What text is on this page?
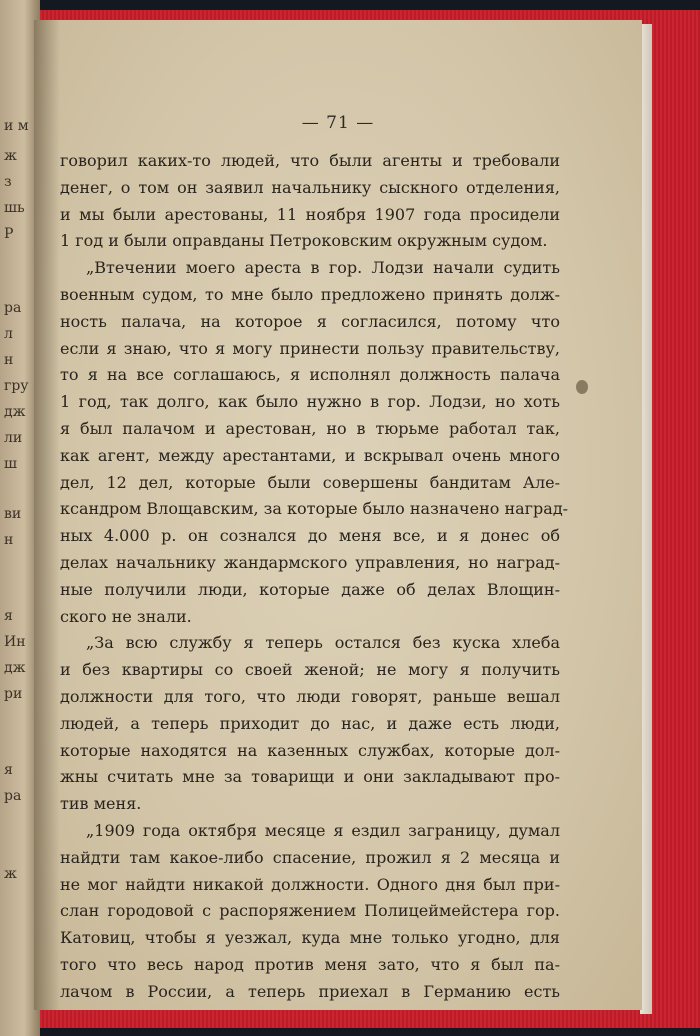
и м
ж
з
шь
Р
ра
л
н
гру
дж
ли
ш
ви
н
я
Ин
дж
ри
я
ра
ж
— 71 —
говорил каких-то людей, что были агенты и требовали
денег, о том он заявил начальнику сыскного отделения,
и мы были арестованы, 11 ноября 1907 года просидели
1 год и были оправданы Петроковским окружным судом.
„Втечении моего ареста в гор. Лодзи начали судить
военным судом, то мне было предложено принять долж-
ность палача, на которое я согласился, потому что
если я знаю, что я могу принести пользу правительству,
то я на все соглашаюсь, я исполнял должность палача
1 год, так долго, как было нужно в гор. Лодзи, но хоть
я был палачом и арестован, но в тюрьме работал так,
как агент, между арестантами, и вскрывал очень много
дел, 12 дел, которые были совершены бандитам Але-
ксандром Влощавским, за которые было назначено наград-
ных 4.000 р. он сознался до меня все, и я донес об
делах начальнику жандармского управления, но наград-
ные получили люди, которые даже об делах Влощин-
ского не знали.
„За всю службу я теперь остался без куска хлеба
и без квартиры со своей женой; не могу я получить
должности для того, что люди говорят, раньше вешал
людей, а теперь приходит до нас, и даже есть люди,
которые находятся на казенных службах, которые дол-
жны считать мне за товарищи и они закладывают про-
тив меня.
„1909 года октября месяце я ездил заграницу, думал
найдти там какое-либо спасение, прожил я 2 месяца и
не мог найдти никакой должности. Одного дня был при-
слан городовой с распоряжением Полицеймейстера гор.
Катовиц, чтобы я уезжал, куда мне только угодно, для
того что весь народ против меня зато, что я был па-
лачом в России, а теперь приехал в Германию есть
